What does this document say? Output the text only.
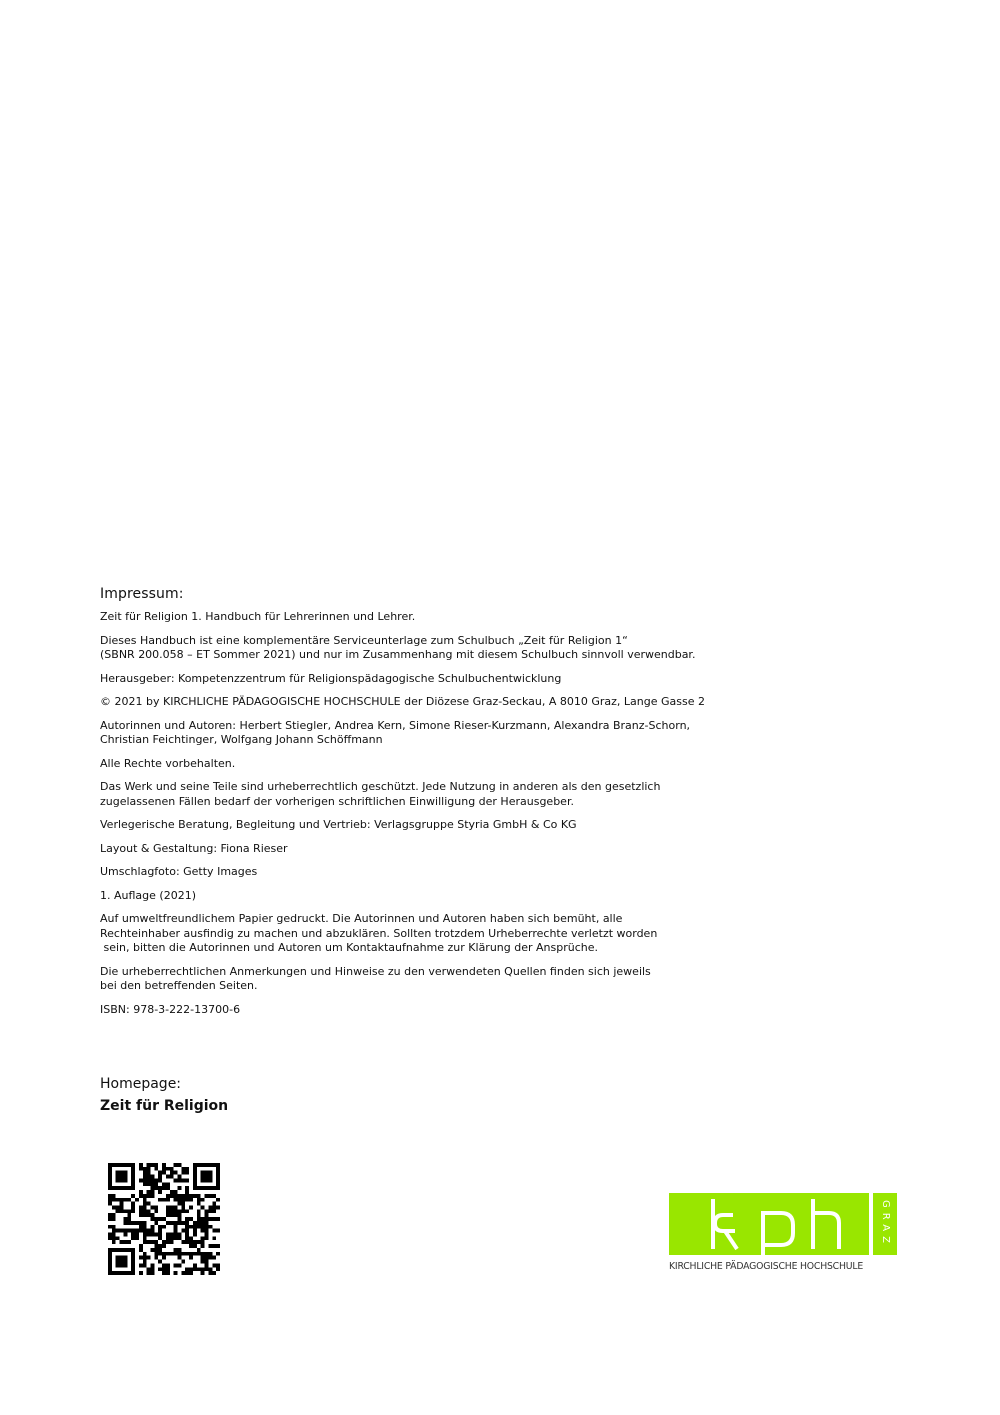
Impressum:
Zeit für Religion 1. Handbuch für Lehrerinnen und Lehrer.
Dieses Handbuch ist eine komplementäre Serviceunterlage zum Schulbuch „Zeit für Religion 1“
(SBNR 200.058 – ET Sommer 2021) und nur im Zusammenhang mit diesem Schulbuch sinnvoll verwendbar.
Herausgeber: Kompetenzzentrum für Religionspädagogische Schulbuchentwicklung
© 2021 by KIRCHLICHE PÄDAGOGISCHE HOCHSCHULE der Diözese Graz-Seckau, A 8010 Graz, Lange Gasse 2
Autorinnen und Autoren: Herbert Stiegler, Andrea Kern, Simone Rieser-Kurzmann, Alexandra Branz-Schorn,
Christian Feichtinger, Wolfgang Johann Schöffmann
Alle Rechte vorbehalten.
Das Werk und seine Teile sind urheberrechtlich geschützt. Jede Nutzung in anderen als den gesetzlich
zugelassenen Fällen bedarf der vorherigen schriftlichen Einwilligung der Herausgeber.
Verlegerische Beratung, Begleitung und Vertrieb: Verlagsgruppe Styria GmbH & Co KG
Layout & Gestaltung: Fiona Rieser
Umschlagfoto: Getty Images
1. Auflage (2021)
Auf umweltfreundlichem Papier gedruckt. Die Autorinnen und Autoren haben sich bemüht, alle
Rechteinhaber ausfindig zu machen und abzuklären. Sollten trotzdem Urheberrechte verletzt worden
sein, bitten die Autorinnen und Autoren um Kontaktaufnahme zur Klärung der Ansprüche.
Die urheberrechtlichen Anmerkungen und Hinweise zu den verwendeten Quellen finden sich jeweils
bei den betreffenden Seiten.
ISBN: 978-3-222-13700-6
Homepage:
Zeit für Religion
GRAZ
KIRCHLICHE PÄDAGOGISCHE HOCHSCHULE
